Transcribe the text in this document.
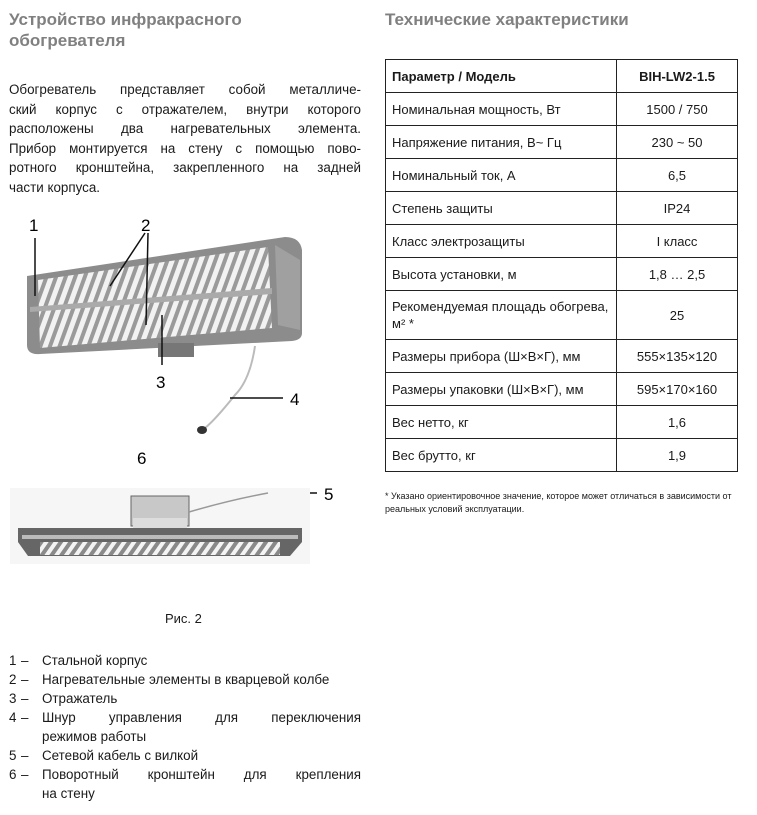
Устройство инфракрасного
обогревателя
Обогреватель представляет собой металличе-
ский корпус с отражателем, внутри которого
расположены два нагревательных элемента.
Прибор монтируется на стену с помощью пово-
ротного кронштейна, закрепленного на задней
части корпуса.
1	2
3
4
5
6
Рис. 2
1 – Стальной корпус
2 – Нагревательные элементы в кварцевой колбе
3 – Отражатель
4 – Шнур управления для переключения
режимов работы
5 – Сетевой кабель с вилкой
6 – Поворотный кронштейн для крепления
на стену
Технические характеристики
Параметр / Модель	BIH-LW2-1.5
Номинальная мощность, Вт	1500 / 750
Напряжение питания, В~ Гц	230 ~ 50
Номинальный ток, А	6,5
Степень защиты	IP24
Класс электрозащиты	I класс
Высота установки, м	1,8 … 2,5
Рекомендуемая площадь обогрева, м² *	25
Размеры прибора (Ш×В×Г), мм	555×135×120
Размеры упаковки (Ш×В×Г), мм	595×170×160
Вес нетто, кг	1,6
Вес брутто, кг	1,9
* Указано ориентировочное значение, которое может отличаться в зависимости от реальных условий эксплуатации.
